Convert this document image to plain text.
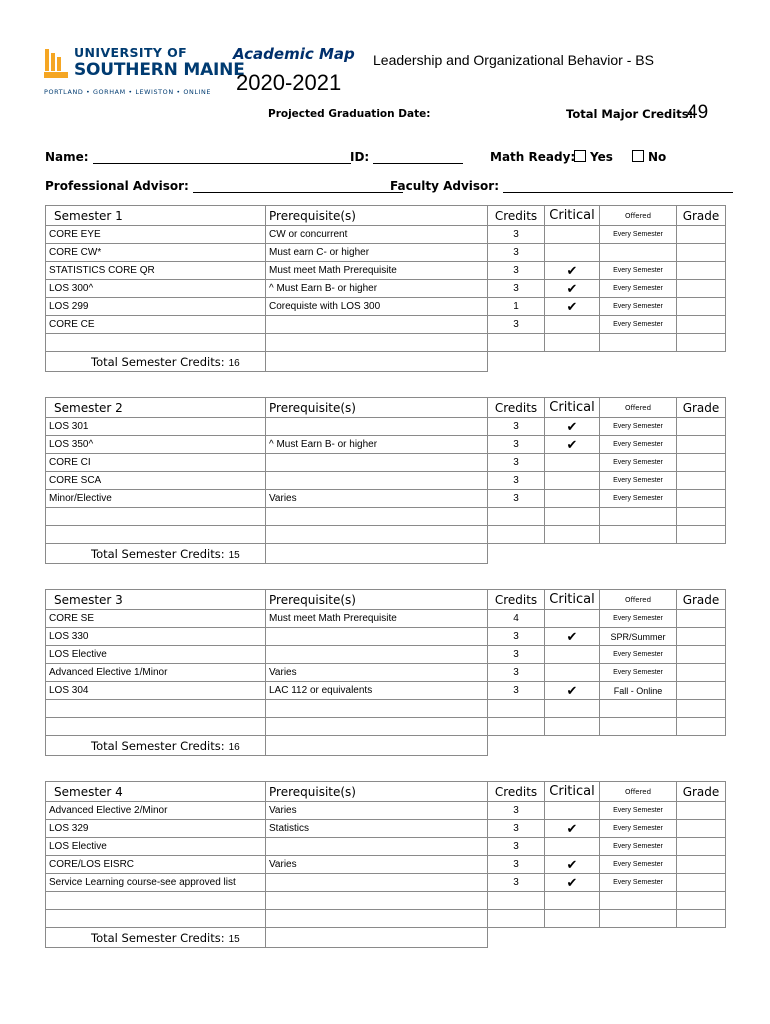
UNIVERSITY OF
SOUTHERN MAINE
PORTLAND • GORHAM • LEWISTON • ONLINE
Academic Map
2020-2021
Leadership and Organizational Behavior - BS
Projected Graduation Date:	Total Major Credits:
49
Name:	ID:	Math Ready:	Yes	No
Professional Advisor:	Faculty Advisor:
Semester 1	Prerequisite(s)	Credits	Critical	Offered	Grade
CORE EYE	CW or concurrent	3		Every Semester	
CORE CW*	Must earn C- or higher	3			
STATISTICS CORE QR	Must meet Math Prerequisite	3	✔	Every Semester	
LOS 300^	^ Must Earn B- or higher	3	✔	Every Semester	
LOS 299	Corequiste with LOS 300	1	✔	Every Semester	
CORE CE		3		Every Semester	

Total Semester Credits: 16					
Semester 2	Prerequisite(s)	Credits	Critical	Offered	Grade
LOS 301		3	✔	Every Semester	
LOS 350^	^ Must Earn B- or higher	3	✔	Every Semester	
CORE CI		3		Every Semester	
CORE SCA		3		Every Semester	
Minor/Elective	Varies	3		Every Semester	

Total Semester Credits: 15					
Semester 3	Prerequisite(s)	Credits	Critical	Offered	Grade
CORE SE	Must meet Math Prerequisite	4		Every Semester	
LOS 330		3	✔	SPR/Summer	
LOS Elective		3		Every Semester	
Advanced Elective 1/Minor	Varies	3		Every Semester	
LOS 304	LAC 112 or equivalents	3	✔	Fall - Online	

Total Semester Credits: 16					
Semester 4	Prerequisite(s)	Credits	Critical	Offered	Grade
Advanced Elective 2/Minor	Varies	3		Every Semester	
LOS 329	Statistics	3	✔	Every Semester	
LOS Elective		3		Every Semester	
CORE/LOS EISRC	Varies	3	✔	Every Semester	
Service Learning course-see approved list		3	✔	Every Semester	

Total Semester Credits: 15					
